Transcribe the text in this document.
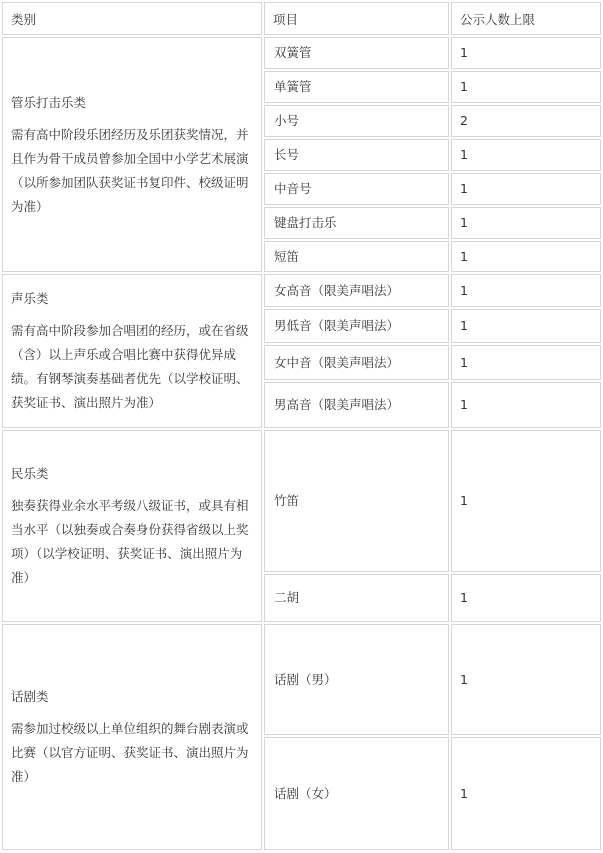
类别	项目	公示人数上限
管乐打击乐类
需有高中阶段乐团经历及乐团获奖情况，并且作为骨干成员曾参加全国中小学艺术展演（以所参加团队获奖证书复印件、校级证明为准）
双簧管	1
单簧管	1
小号	2
长号	1
中音号	1
键盘打击乐	1
短笛	1
声乐类
需有高中阶段参加合唱团的经历，或在省级（含）以上声乐或合唱比赛中获得优异成绩。有钢琴演奏基础者优先（以学校证明、获奖证书、演出照片为准）
女高音（限美声唱法）	1
男低音（限美声唱法）	1
女中音（限美声唱法）	1
男高音（限美声唱法）	1
民乐类
独奏获得业余水平考级八级证书，或具有相当水平（以独奏或合奏身份获得省级以上奖项）（以学校证明、获奖证书、演出照片为准）
竹笛	1
二胡	1
话剧类
需参加过校级以上单位组织的舞台剧表演或比赛（以官方证明、获奖证书、演出照片为准）
话剧（男）	1
话剧（女）	1
